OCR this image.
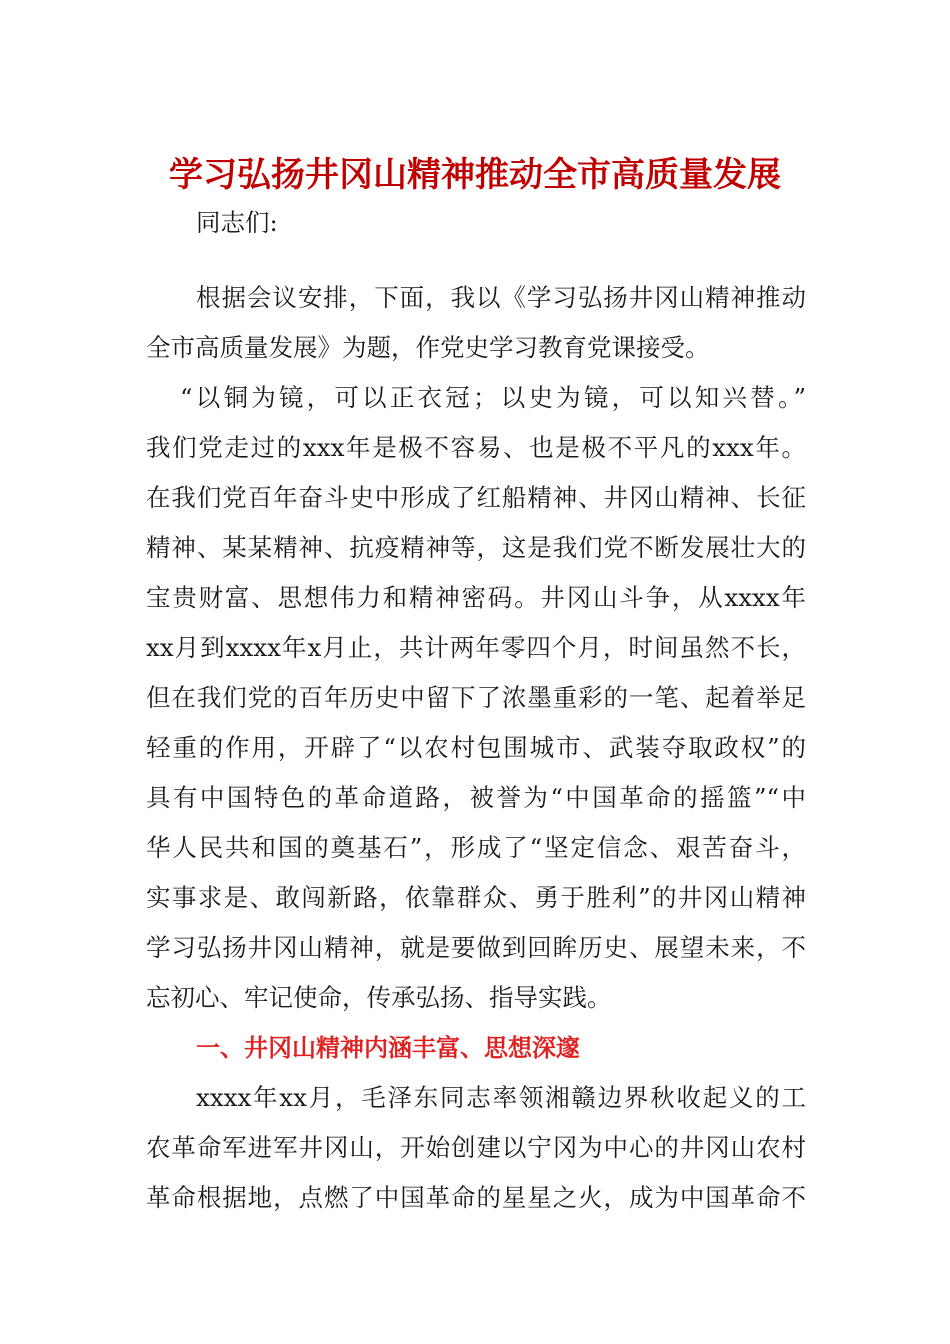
学习弘扬井冈山精神推动全市高质量发展
同志们:
根据会议安排，下面，我以《学习弘扬井冈山精神推动
全市高质量发展》为题，作党史学习教育党课接受。
“以铜为镜，可以正衣冠；以史为镜，可以知兴替。”
我们党走过的xxx年是极不容易、也是极不平凡的xxx年。
在我们党百年奋斗史中形成了红船精神、井冈山精神、长征
精神、某某精神、抗疫精神等，这是我们党不断发展壮大的
宝贵财富、思想伟力和精神密码。井冈山斗争，从xxxx年
xx月到xxxx年x月止，共计两年零四个月，时间虽然不长，
但在我们党的百年历史中留下了浓墨重彩的一笔、起着举足
轻重的作用，开辟了“以农村包围城市、武装夺取政权”的
具有中国特色的革命道路，被誉为“中国革命的摇篮”“中
华人民共和国的奠基石”，形成了“坚定信念、艰苦奋斗，
实事求是、敢闯新路，依靠群众、勇于胜利”的井冈山精神
学习弘扬井冈山精神，就是要做到回眸历史、展望未来，不
忘初心、牢记使命，传承弘扬、指导实践。
一、井冈山精神内涵丰富、思想深邃
xxxx年xx月，毛泽东同志率领湘赣边界秋收起义的工
农革命军进军井冈山，开始创建以宁冈为中心的井冈山农村
革命根据地，点燃了中国革命的星星之火，成为中国革命不
